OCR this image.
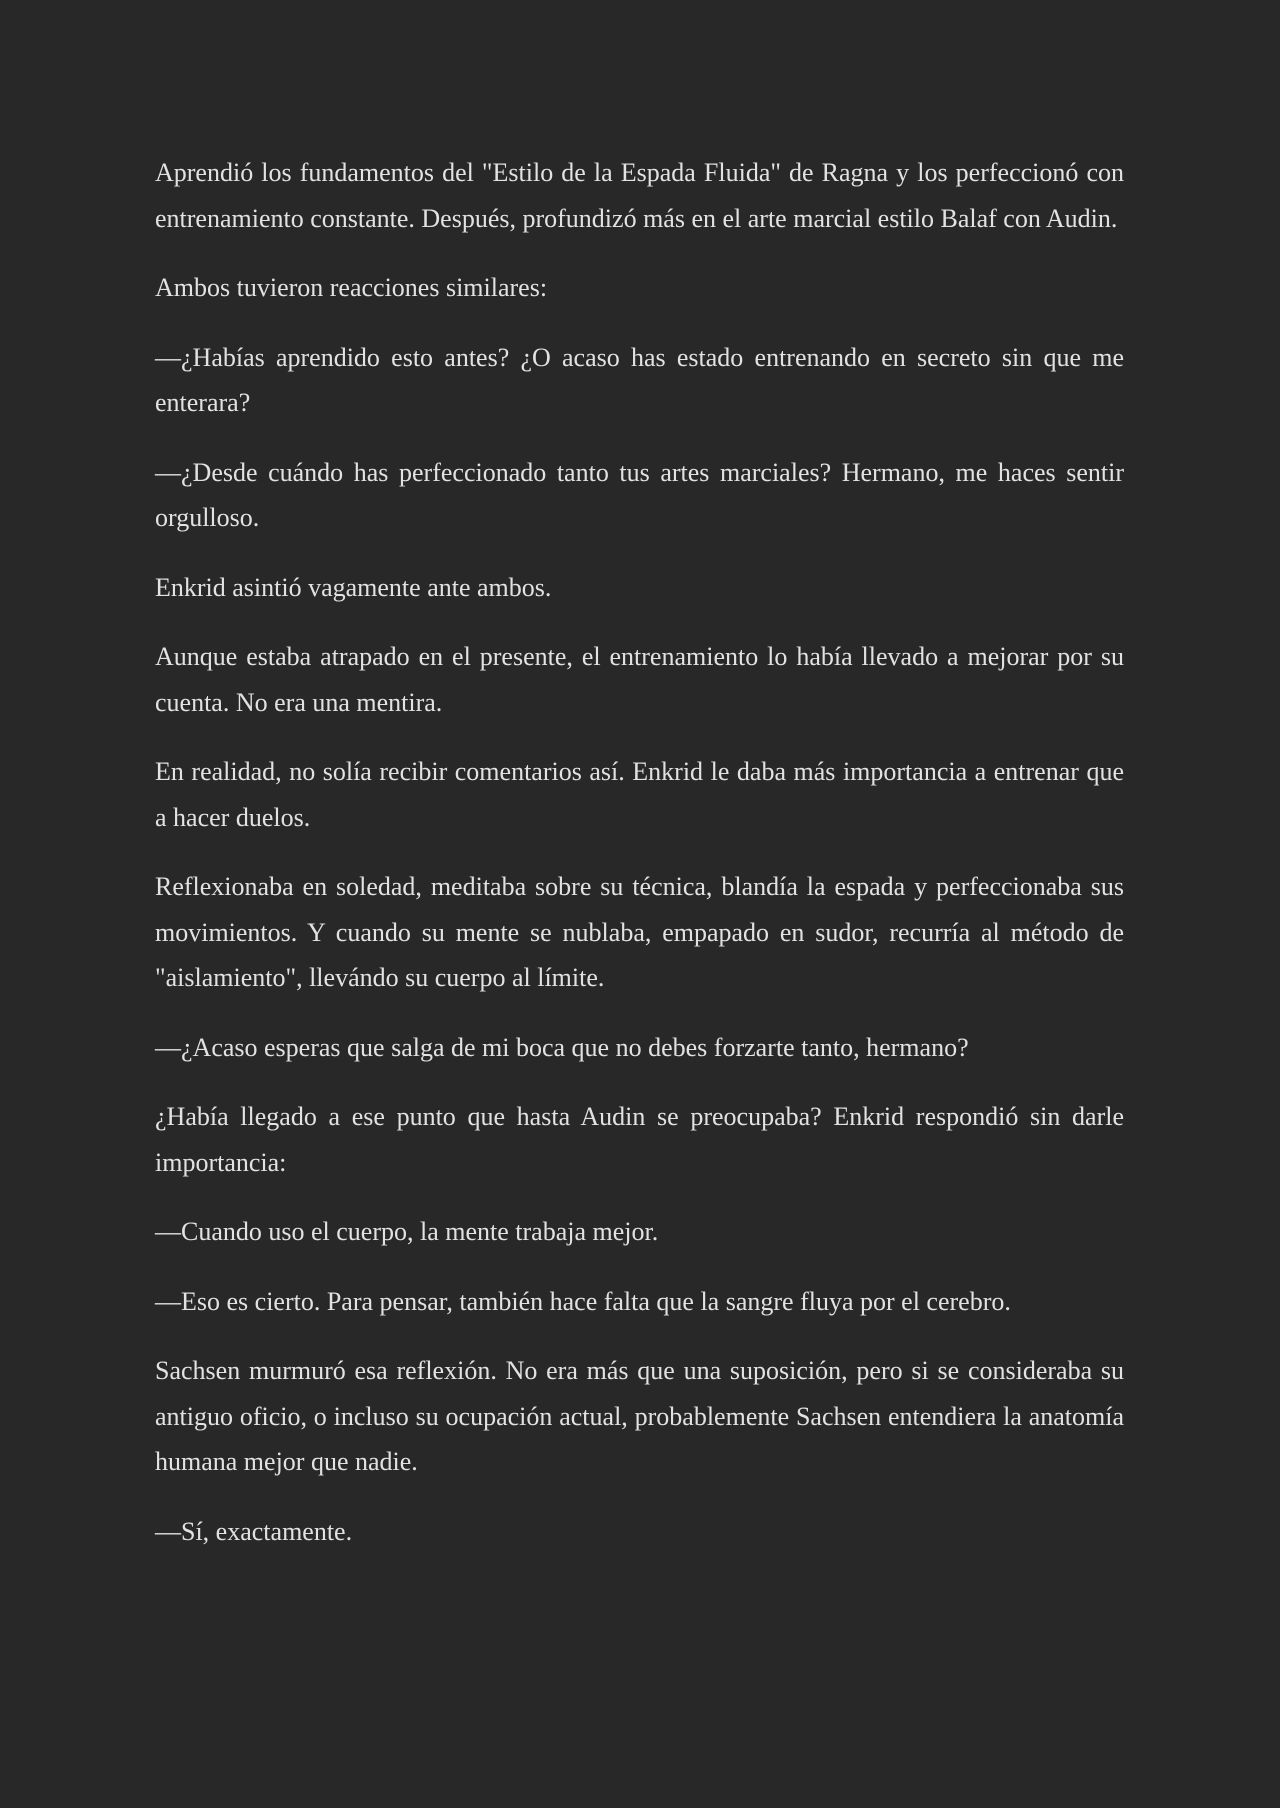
Aprendió los fundamentos del "Estilo de la Espada Fluida" de Ragna y los perfeccionó con entrenamiento constante. Después, profundizó más en el arte marcial estilo Balaf con Audin.

Ambos tuvieron reacciones similares:

—¿Habías aprendido esto antes? ¿O acaso has estado entrenando en secreto sin que me enterara?

—¿Desde cuándo has perfeccionado tanto tus artes marciales? Hermano, me haces sentir orgulloso.

Enkrid asintió vagamente ante ambos.

Aunque estaba atrapado en el presente, el entrenamiento lo había llevado a mejorar por su cuenta. No era una mentira.

En realidad, no solía recibir comentarios así. Enkrid le daba más importancia a entrenar que a hacer duelos.

Reflexionaba en soledad, meditaba sobre su técnica, blandía la espada y perfeccionaba sus movimientos. Y cuando su mente se nublaba, empapado en sudor, recurría al método de "aislamiento", llevándo su cuerpo al límite.

—¿Acaso esperas que salga de mi boca que no debes forzarte tanto, hermano?

¿Había llegado a ese punto que hasta Audin se preocupaba? Enkrid respondió sin darle importancia:

—Cuando uso el cuerpo, la mente trabaja mejor.

—Eso es cierto. Para pensar, también hace falta que la sangre fluya por el cerebro.

Sachsen murmuró esa reflexión. No era más que una suposición, pero si se consideraba su antiguo oficio, o incluso su ocupación actual, probablemente Sachsen entendiera la anatomía humana mejor que nadie.

—Sí, exactamente.
